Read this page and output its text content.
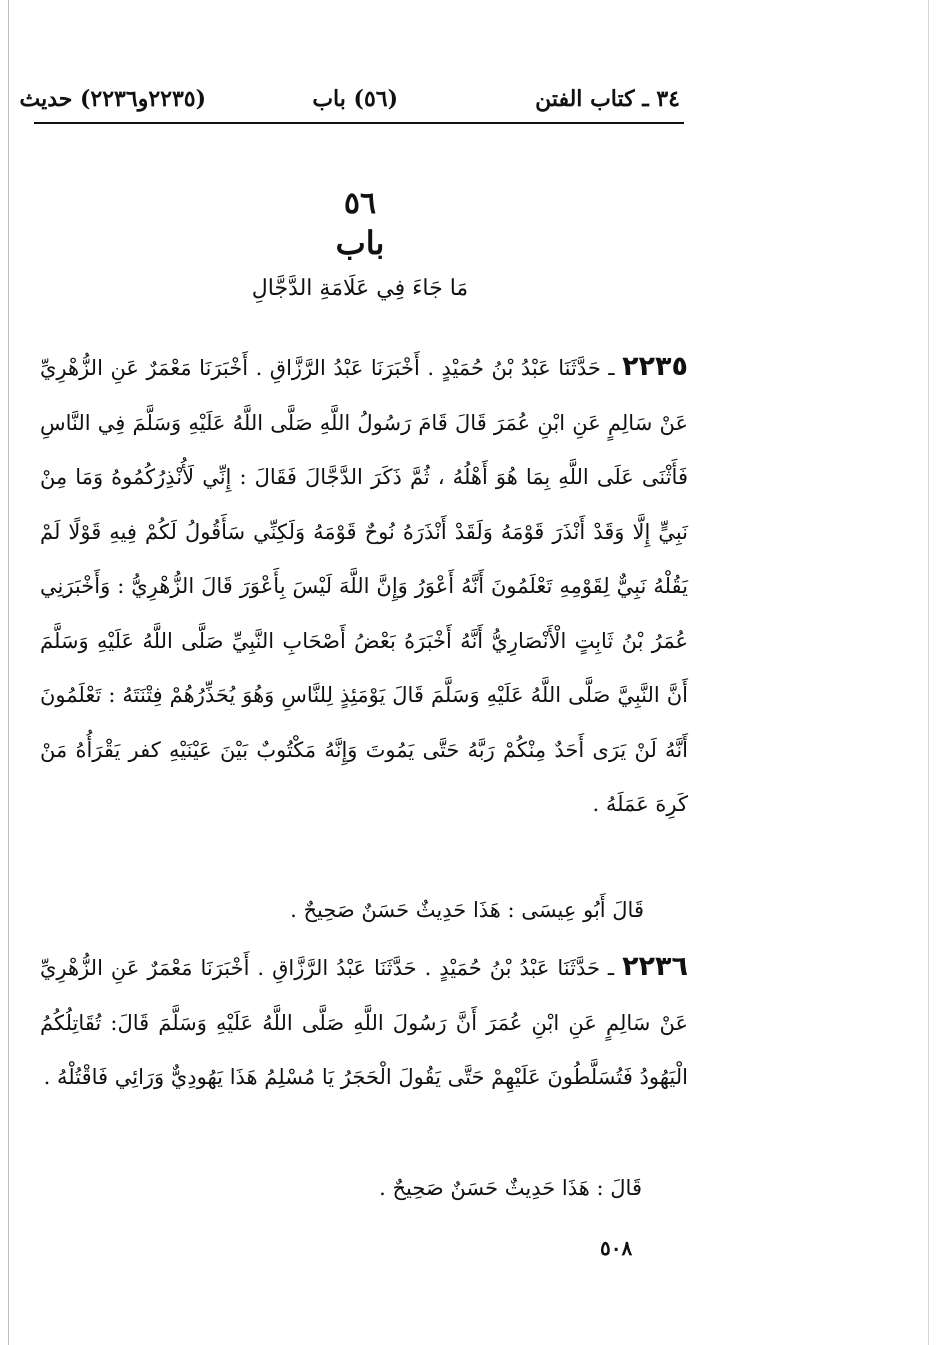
٣٤ ـ كتاب الفتن
(٥٦) باب
(٢٢٣٥و٢٢٣٦) حديث
٥٦
باب
مَا جَاءَ فِي عَلَامَةِ الدَّجَّالِ
٢٢٣٥ ـ حَدَّثَنَا عَبْدُ بْنُ حُمَيْدٍ . أَخْبَرَنَا عَبْدُ الرَّزَّاقِ . أَخْبَرَنَا مَعْمَرٌ عَنِ الزُّهْرِيِّ عَنْ سَالِمٍ عَنِ ابْنِ عُمَرَ قَالَ قَامَ رَسُولُ اللَّهِ صَلَّى اللَّهُ عَلَيْهِ وَسَلَّمَ فِي النَّاسِ فَأَثْنَى عَلَى اللَّهِ بِمَا هُوَ أَهْلُهُ ، ثُمَّ ذَكَرَ الدَّجَّالَ فَقَالَ : إِنِّي لَأُنْذِرُكُمُوهُ وَمَا مِنْ نَبِيٍّ إِلَّا وَقَدْ أَنْذَرَ قَوْمَهُ وَلَقَدْ أَنْذَرَهُ نُوحٌ قَوْمَهُ وَلَكِنِّي سَأَقُولُ لَكُمْ فِيهِ قَوْلًا لَمْ يَقُلْهُ نَبِيٌّ لِقَوْمِهِ تَعْلَمُونَ أَنَّهُ أَعْوَرُ وَإِنَّ اللَّهَ لَيْسَ بِأَعْوَرَ قَالَ الزُّهْرِيُّ : وَأَخْبَرَنِي عُمَرُ بْنُ ثَابِتٍ الْأَنْصَارِيُّ أَنَّهُ أَخْبَرَهُ بَعْضُ أَصْحَابِ النَّبِيِّ صَلَّى اللَّهُ عَلَيْهِ وَسَلَّمَ أَنَّ النَّبِيَّ صَلَّى اللَّهُ عَلَيْهِ وَسَلَّمَ قَالَ يَوْمَئِذٍ لِلنَّاسِ وَهُوَ يُحَذِّرُهُمْ فِتْنَتَهُ : تَعْلَمُونَ أَنَّهُ لَنْ يَرَى أَحَدٌ مِنْكُمْ رَبَّهُ حَتَّى يَمُوتَ وَإِنَّهُ مَكْتُوبٌ بَيْنَ عَيْنَيْهِ كفر يَقْرَأُهُ مَنْ كَرِهَ عَمَلَهُ .
قَالَ أَبُو عِيسَى : هَذَا حَدِيثٌ حَسَنٌ صَحِيحٌ .
٢٢٣٦ ـ حَدَّثَنَا عَبْدُ بْنُ حُمَيْدٍ . حَدَّثَنَا عَبْدُ الرَّزَّاقِ . أَخْبَرَنَا مَعْمَرٌ عَنِ الزُّهْرِيِّ عَنْ سَالِمٍ عَنِ ابْنِ عُمَرَ أَنَّ رَسُولَ اللَّهِ صَلَّى اللَّهُ عَلَيْهِ وَسَلَّمَ قَالَ: تُقَاتِلُكُمُ الْيَهُودُ فَتُسَلَّطُونَ عَلَيْهِمْ حَتَّى يَقُولَ الْحَجَرُ يَا مُسْلِمُ هَذَا يَهُودِيٌّ وَرَائِي فَاقْتُلْهُ .
قَالَ : هَذَا حَدِيثٌ حَسَنٌ صَحِيحٌ .
٥٠٨
